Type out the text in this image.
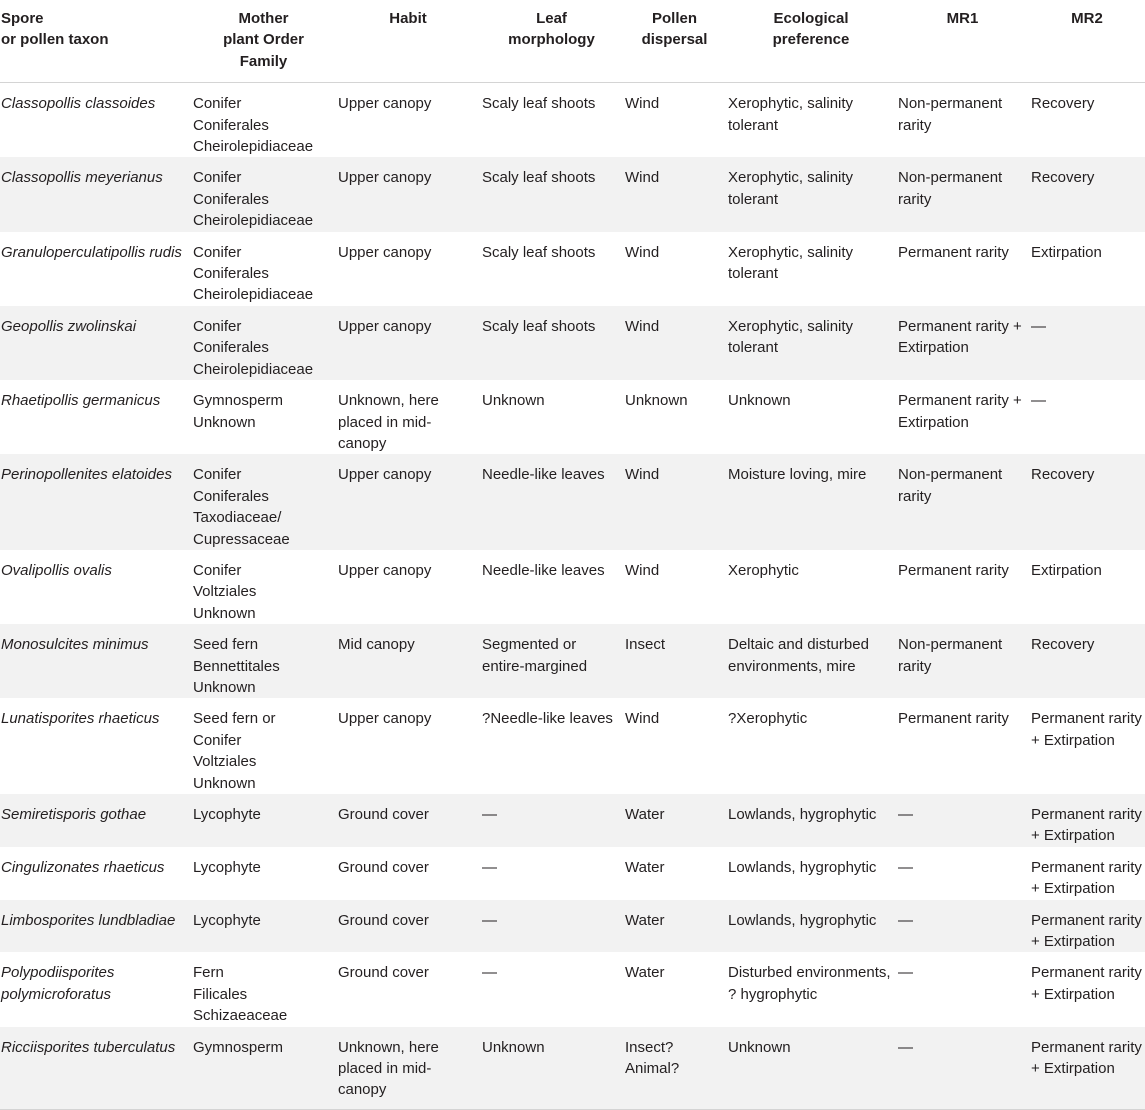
Spore
or pollen taxon	Mother
plant Order
Family	Habit	Leaf
morphology	Pollen
dispersal	Ecological
preference	MR1	MR2

Classopollis classoides	Conifer
Coniferales
Cheirolepidiaceae	Upper canopy	Scaly leaf shoots	Wind	Xerophytic, salinity tolerant	Non-permanent rarity	Recovery
Classopollis meyerianus	Conifer
Coniferales
Cheirolepidiaceae	Upper canopy	Scaly leaf shoots	Wind	Xerophytic, salinity tolerant	Non-permanent rarity	Recovery
Granuloperculatipollis rudis	Conifer
Coniferales
Cheirolepidiaceae	Upper canopy	Scaly leaf shoots	Wind	Xerophytic, salinity tolerant	Permanent rarity	Extirpation
Geopollis zwolinskai	Conifer
Coniferales
Cheirolepidiaceae	Upper canopy	Scaly leaf shoots	Wind	Xerophytic, salinity tolerant	Permanent rarity + Extirpation	—
Rhaetipollis germanicus	Gymnosperm
Unknown	Unknown, here placed in mid-canopy	Unknown	Unknown	Unknown	Permanent rarity + Extirpation	—
Perinopollenites elatoides	Conifer
Coniferales
Taxodiaceae/
Cupressaceae	Upper canopy	Needle-like leaves	Wind	Moisture loving, mire	Non-permanent rarity	Recovery
Ovalipollis ovalis	Conifer
Voltziales
Unknown	Upper canopy	Needle-like leaves	Wind	Xerophytic	Permanent rarity	Extirpation
Monosulcites minimus	Seed fern
Bennettitales
Unknown	Mid canopy	Segmented or entire-margined	Insect	Deltaic and disturbed environments, mire	Non-permanent rarity	Recovery
Lunatisporites rhaeticus	Seed fern or
Conifer
Voltziales
Unknown	Upper canopy	?Needle-like leaves	Wind	?Xerophytic	Permanent rarity	Permanent rarity + Extirpation
Semiretisporis gothae	Lycophyte	Ground cover	—	Water	Lowlands, hygrophytic	—	Permanent rarity + Extirpation
Cingulizonates rhaeticus	Lycophyte	Ground cover	—	Water	Lowlands, hygrophytic	—	Permanent rarity + Extirpation
Limbosporites lundbladiae	Lycophyte	Ground cover	—	Water	Lowlands, hygrophytic	—	Permanent rarity + Extirpation
Polypodiisporites polymicroforatus	Fern
Filicales
Schizaeaceae	Ground cover	—	Water	Disturbed environments, ? hygrophytic	—	Permanent rarity + Extirpation
Ricciisporites tuberculatus	Gymnosperm	Unknown, here placed in mid-canopy	Unknown	Insect? Animal?	Unknown	—	Permanent rarity + Extirpation
